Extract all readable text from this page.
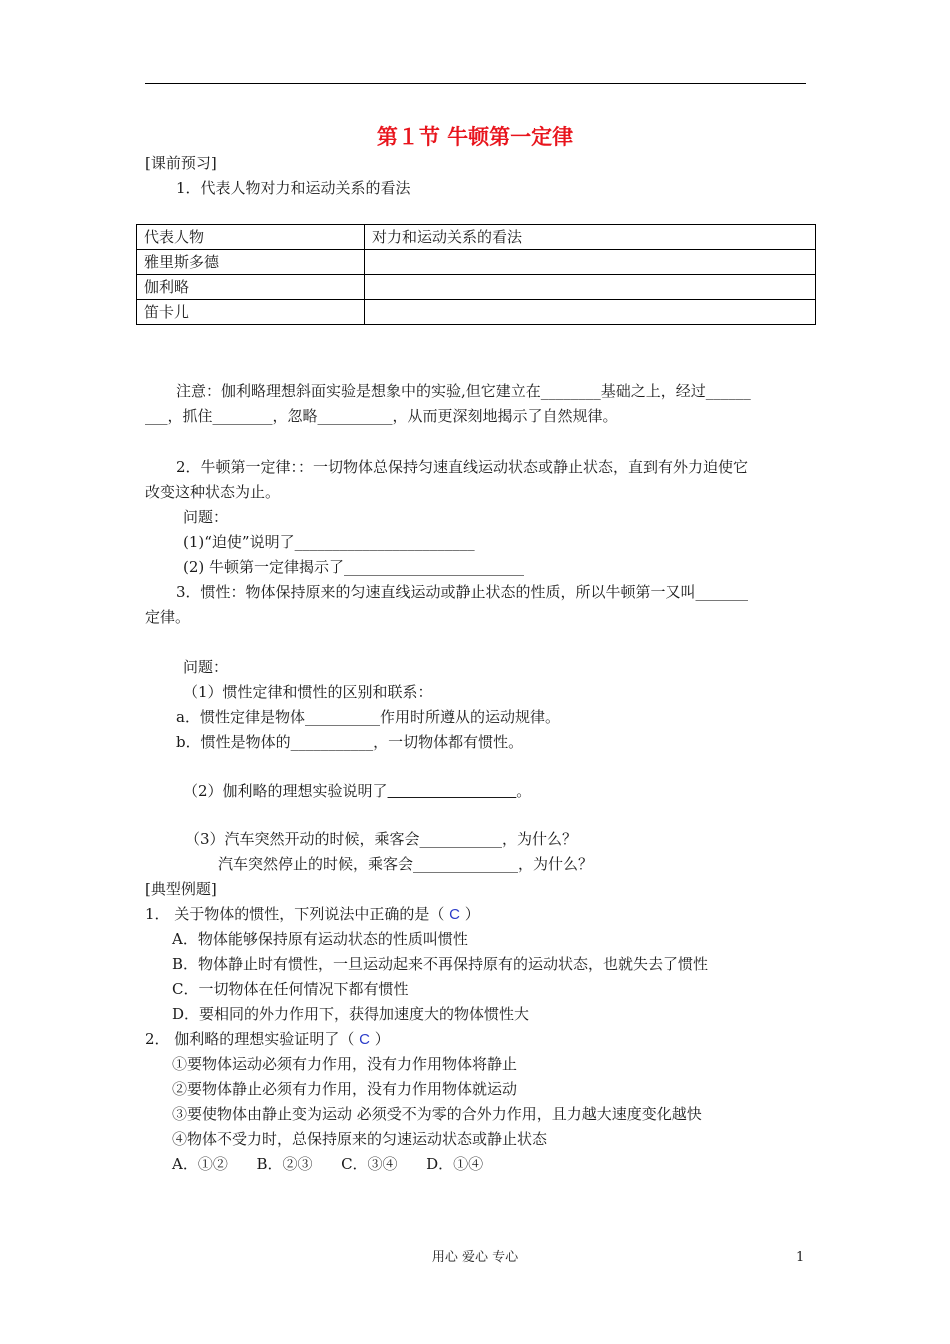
第１节 牛顿第一定律
[课前预习]
1．代表人物对力和运动关系的看法
代表人物	对力和运动关系的看法
雅里斯多德	
伽利略	
笛卡儿	
注意：伽利略理想斜面实验是想象中的实验,但它建立在________基础之上，经过______
___，抓住________，忽略__________，从而更深刻地揭示了自然规律。
2．牛顿第一定律：：一切物体总保持匀速直线运动状态或静止状态，直到有外力迫使它
改变这种状态为止。
问题：
(1)“迫使”说明了________________________
(2) 牛顿第一定律揭示了________________________
3．惯性：物体保持原来的匀速直线运动或静止状态的性质，所以牛顿第一又叫_______
定律。
问题：
（1）惯性定律和惯性的区别和联系：
a．惯性定律是物体__________作用时所遵从的运动规律。
b．惯性是物体的___________，一切物体都有惯性。
（2）伽利略的理想实验说明了	。
（3）汽车突然开动的时候，乘客会___________，为什么？
汽车突然停止的时候，乘客会______________，为什么？
[典型例题]
1． 关于物体的惯性，下列说法中正确的是（ C ）
A．物体能够保持原有运动状态的性质叫惯性
B．物体静止时有惯性，一旦运动起来不再保持原有的运动状态，也就失去了惯性
C．一切物体在任何情况下都有惯性
D．要相同的外力作用下，获得加速度大的物体惯性大
2． 伽利略的理想实验证明了（ C ）
①要物体运动必须有力作用，没有力作用物体将静止
②要物体静止必须有力作用，没有力作用物体就运动
③要使物体由静止变为运动 必须受不为零的合外力作用，且力越大速度变化越快
④物体不受力时，总保持原来的匀速运动状态或静止状态
A．①②      B．②③      C．③④      D．①④
用心 爱心 专心	1
